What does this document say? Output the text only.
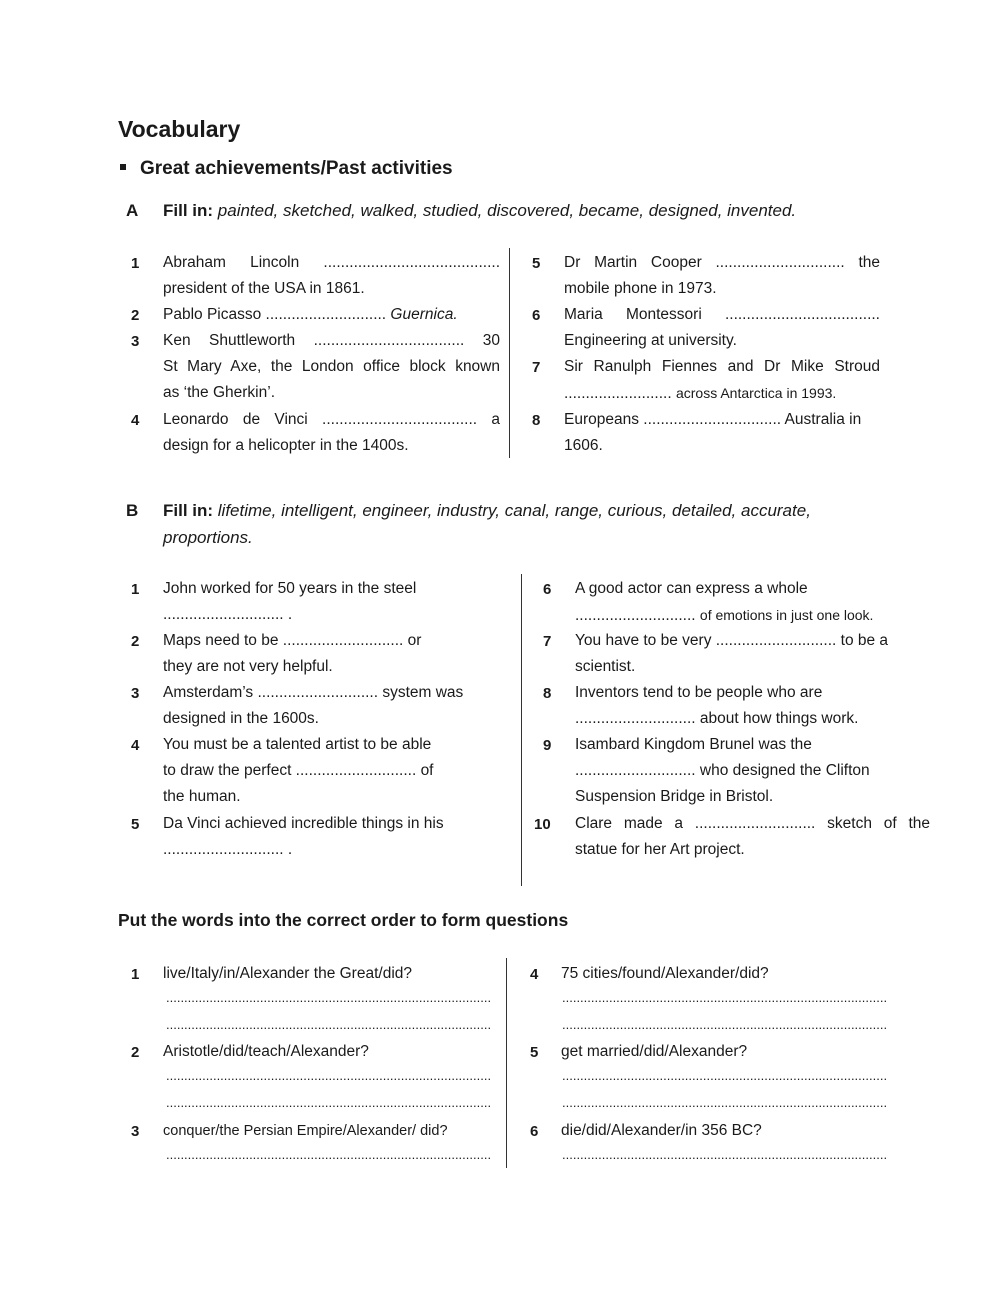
Vocabulary
Great achievements/Past activities
A Fill in: painted, sketched, walked, studied, discovered, became, designed, invented.
1 Abraham Lincoln .........................................
president of the USA in 1861.
2 Pablo Picasso ............................ Guernica.
3 Ken Shuttleworth ................................... 30
St Mary Axe, the London office block known
as ‘the Gherkin’.
4 Leonardo de Vinci .................................... a
design for a helicopter in the 1400s.
5 Dr Martin Cooper .............................. the
mobile phone in 1973.
6 Maria Montessori ....................................
Engineering at university.
7 Sir Ranulph Fiennes and Dr Mike Stroud
......................... across Antarctica in 1993.
8 Europeans ................................ Australia in
1606.
B Fill in: lifetime, intelligent, engineer, industry, canal, range, curious, detailed, accurate,
proportions.
1 John worked for 50 years in the steel
............................ .
2 Maps need to be ............................ or
they are not very helpful.
3 Amsterdam’s ............................ system was
designed in the 1600s.
4 You must be a talented artist to be able
to draw the perfect ............................ of
the human.
5 Da Vinci achieved incredible things in his
............................ .
6 A good actor can express a whole
............................ of emotions in just one look.
7 You have to be very ............................ to be a
scientist.
8 Inventors tend to be people who are
............................ about how things work.
9 Isambard Kingdom Brunel was the
............................ who designed the Clifton
Suspension Bridge in Bristol.
10 Clare made a ............................ sketch of the
statue for her Art project.
Put the words into the correct order to form questions
1 live/Italy/in/Alexander the Great/did?
..........................................................................................
..........................................................................................
2 Aristotle/did/teach/Alexander?
..........................................................................................
..........................................................................................
3 conquer/the Persian Empire/Alexander/ did?
..........................................................................................
4 75 cities/found/Alexander/did?
..........................................................................................
..........................................................................................
5 get married/did/Alexander?
..........................................................................................
..........................................................................................
6 die/did/Alexander/in 356 BC?
..........................................................................................
